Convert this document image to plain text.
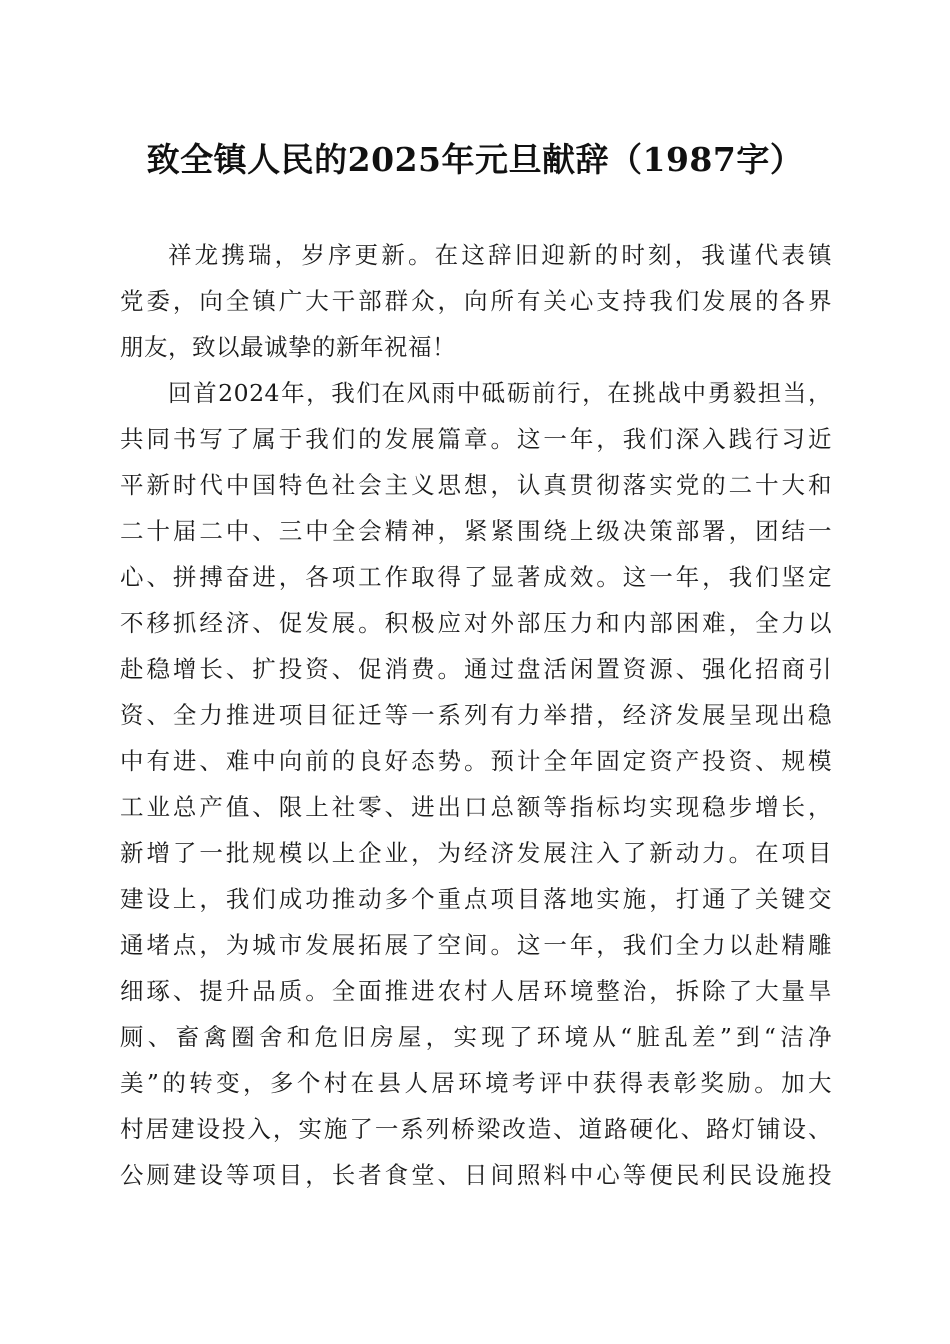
致全镇人民的2025年元旦献辞（1987字）
祥龙携瑞，岁序更新。在这辞旧迎新的时刻，我谨代表镇
党委，向全镇广大干部群众，向所有关心支持我们发展的各界
朋友，致以最诚挚的新年祝福！
回首2024年，我们在风雨中砥砺前行，在挑战中勇毅担当，
共同书写了属于我们的发展篇章。这一年，我们深入践行习近
平新时代中国特色社会主义思想，认真贯彻落实党的二十大和
二十届二中、三中全会精神，紧紧围绕上级决策部署，团结一
心、拼搏奋进，各项工作取得了显著成效。这一年，我们坚定
不移抓经济、促发展。积极应对外部压力和内部困难，全力以
赴稳增长、扩投资、促消费。通过盘活闲置资源、强化招商引
资、全力推进项目征迁等一系列有力举措，经济发展呈现出稳
中有进、难中向前的良好态势。预计全年固定资产投资、规模
工业总产值、限上社零、进出口总额等指标均实现稳步增长，
新增了一批规模以上企业，为经济发展注入了新动力。在项目
建设上，我们成功推动多个重点项目落地实施，打通了关键交
通堵点，为城市发展拓展了空间。这一年，我们全力以赴精雕
细琢、提升品质。全面推进农村人居环境整治，拆除了大量旱
厕、畜禽圈舍和危旧房屋，实现了环境从“脏乱差”到“洁净
美”的转变，多个村在县人居环境考评中获得表彰奖励。加大
村居建设投入，实施了一系列桥梁改造、道路硬化、路灯铺设、
公厕建设等项目，长者食堂、日间照料中心等便民利民设施投
